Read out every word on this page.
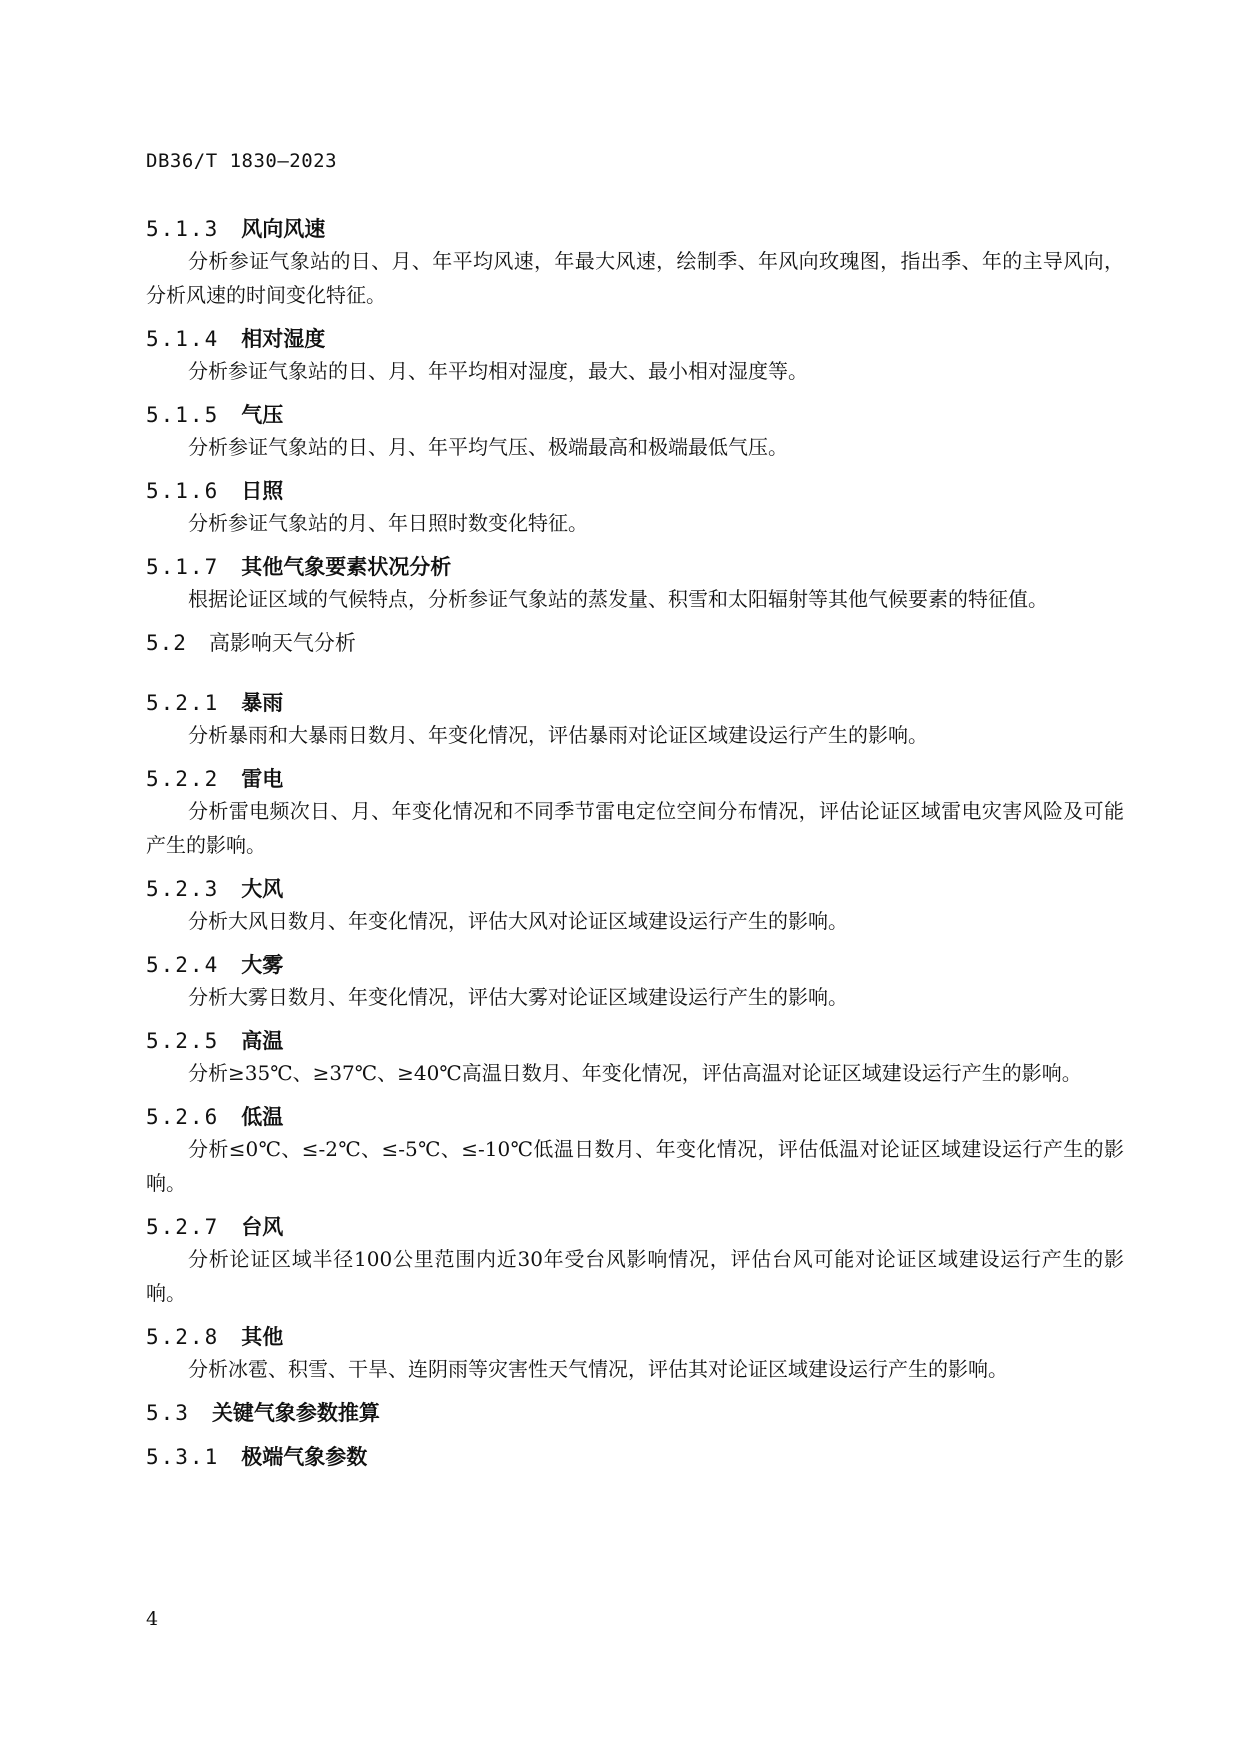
DB36/T 1830—2023
5.1.3 风向风速
分析参证气象站的日、月、年平均风速，年最大风速，绘制季、年风向玫瑰图，指出季、年的主导风向，分析风速的时间变化特征。
5.1.4 相对湿度
分析参证气象站的日、月、年平均相对湿度，最大、最小相对湿度等。
5.1.5 气压
分析参证气象站的日、月、年平均气压、极端最高和极端最低气压。
5.1.6 日照
分析参证气象站的月、年日照时数变化特征。
5.1.7 其他气象要素状况分析
根据论证区域的气候特点，分析参证气象站的蒸发量、积雪和太阳辐射等其他气候要素的特征值。
5.2 高影响天气分析
5.2.1 暴雨
分析暴雨和大暴雨日数月、年变化情况，评估暴雨对论证区域建设运行产生的影响。
5.2.2 雷电
分析雷电频次日、月、年变化情况和不同季节雷电定位空间分布情况，评估论证区域雷电灾害风险及可能产生的影响。
5.2.3 大风
分析大风日数月、年变化情况，评估大风对论证区域建设运行产生的影响。
5.2.4 大雾
分析大雾日数月、年变化情况，评估大雾对论证区域建设运行产生的影响。
5.2.5 高温
分析≥35℃、≥37℃、≥40℃高温日数月、年变化情况，评估高温对论证区域建设运行产生的影响。
5.2.6 低温
分析≤0℃、≤-2℃、≤-5℃、≤-10℃低温日数月、年变化情况，评估低温对论证区域建设运行产生的影响。
5.2.7 台风
分析论证区域半径100公里范围内近30年受台风影响情况，评估台风可能对论证区域建设运行产生的影响。
5.2.8 其他
分析冰雹、积雪、干旱、连阴雨等灾害性天气情况，评估其对论证区域建设运行产生的影响。
5.3 关键气象参数推算
5.3.1 极端气象参数
4
